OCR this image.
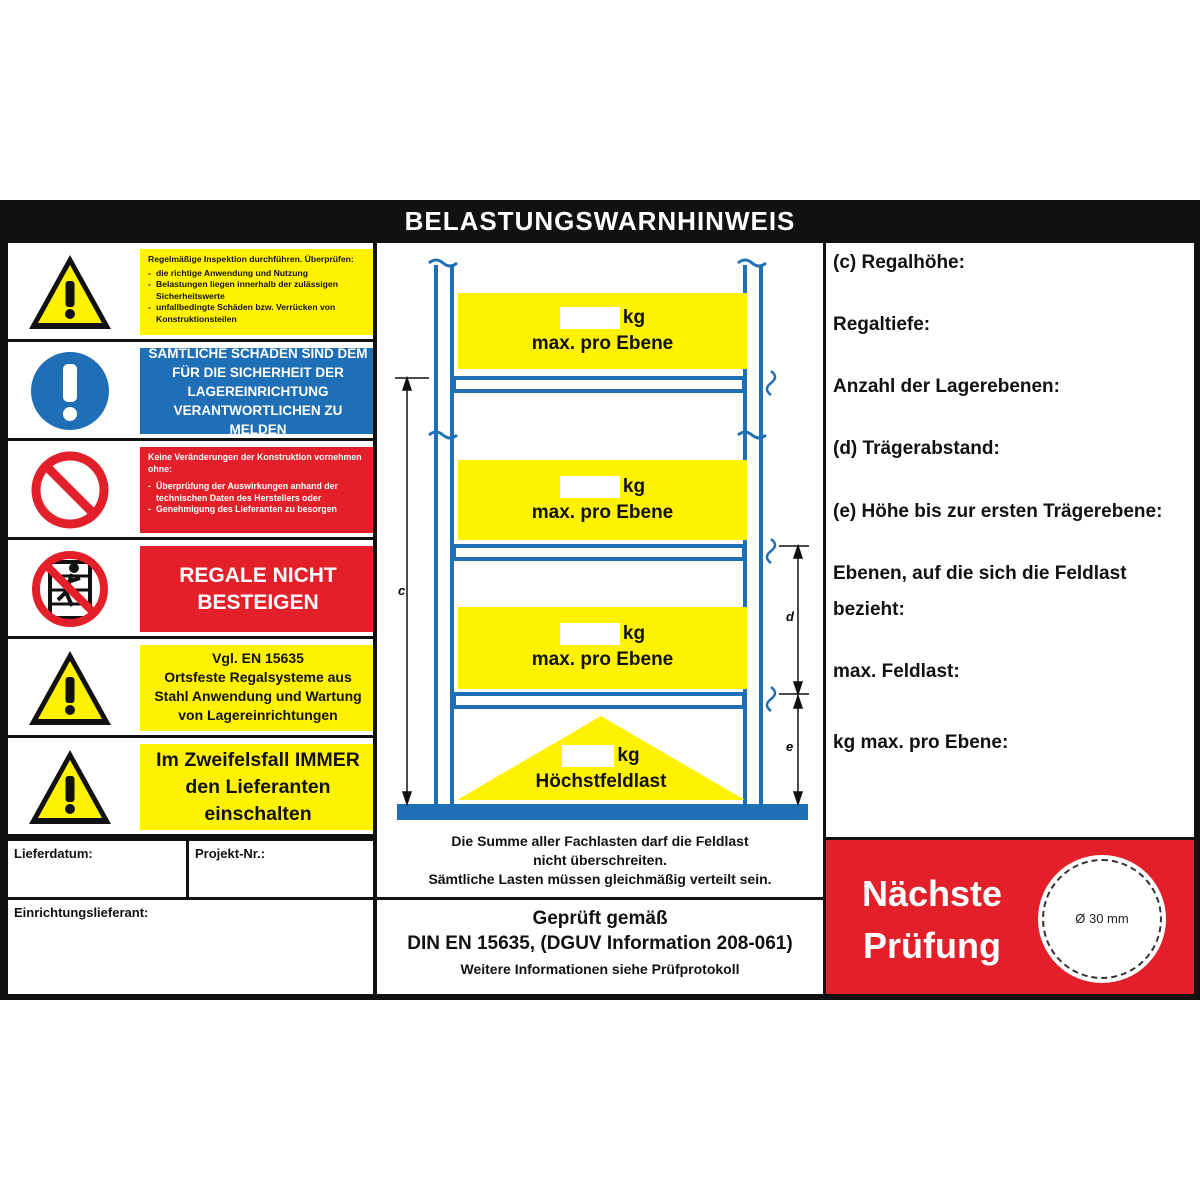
BELASTUNGSWARNHINWEIS
Regelmäßige Inspektion durchführen. Überprüfen:
- die richtige Anwendung und Nutzung
- Belastungen liegen innerhalb der zulässigen Sicherheitswerte
- unfallbedingte Schäden bzw. Verrücken von Konstruktionsteilen
SÄMTLICHE SCHÄDEN SIND DEM FÜR DIE SICHERHEIT DER LAGEREINRICHTUNG VERANTWORTLICHEN ZU MELDEN
Keine Veränderungen der Konstruktion vornehmen ohne:
- Überprüfung der Auswirkungen anhand der technischen Daten des Herstellers oder
- Genehmigung des Lieferanten zu besorgen
REGALE NICHT BESTEIGEN
Vgl. EN 15635
Ortsfeste Regalsysteme aus Stahl Anwendung und Wartung von Lagereinrichtungen
Im Zweifelsfall IMMER den Lieferanten einschalten
Lieferdatum:	Projekt-Nr.:
Einrichtungslieferant:
c
d
e
kg
max. pro Ebene
kg
max. pro Ebene
kg
max. pro Ebene
kg
Höchstfeldlast
Die Summe aller Fachlasten darf die Feldlast
nicht überschreiten.
Sämtliche Lasten müssen gleichmäßig verteilt sein.
Geprüft gemäß
DIN EN 15635, (DGUV Information 208-061)
Weitere Informationen siehe Prüfprotokoll
(c) Regalhöhe:
Regaltiefe:
Anzahl der Lagerebenen:
(d) Trägerabstand:
(e) Höhe bis zur ersten Trägerebene:
Ebenen, auf die sich die Feldlast
bezieht:
max. Feldlast:
kg max. pro Ebene:
Nächste
Prüfung
Ø 30 mm
